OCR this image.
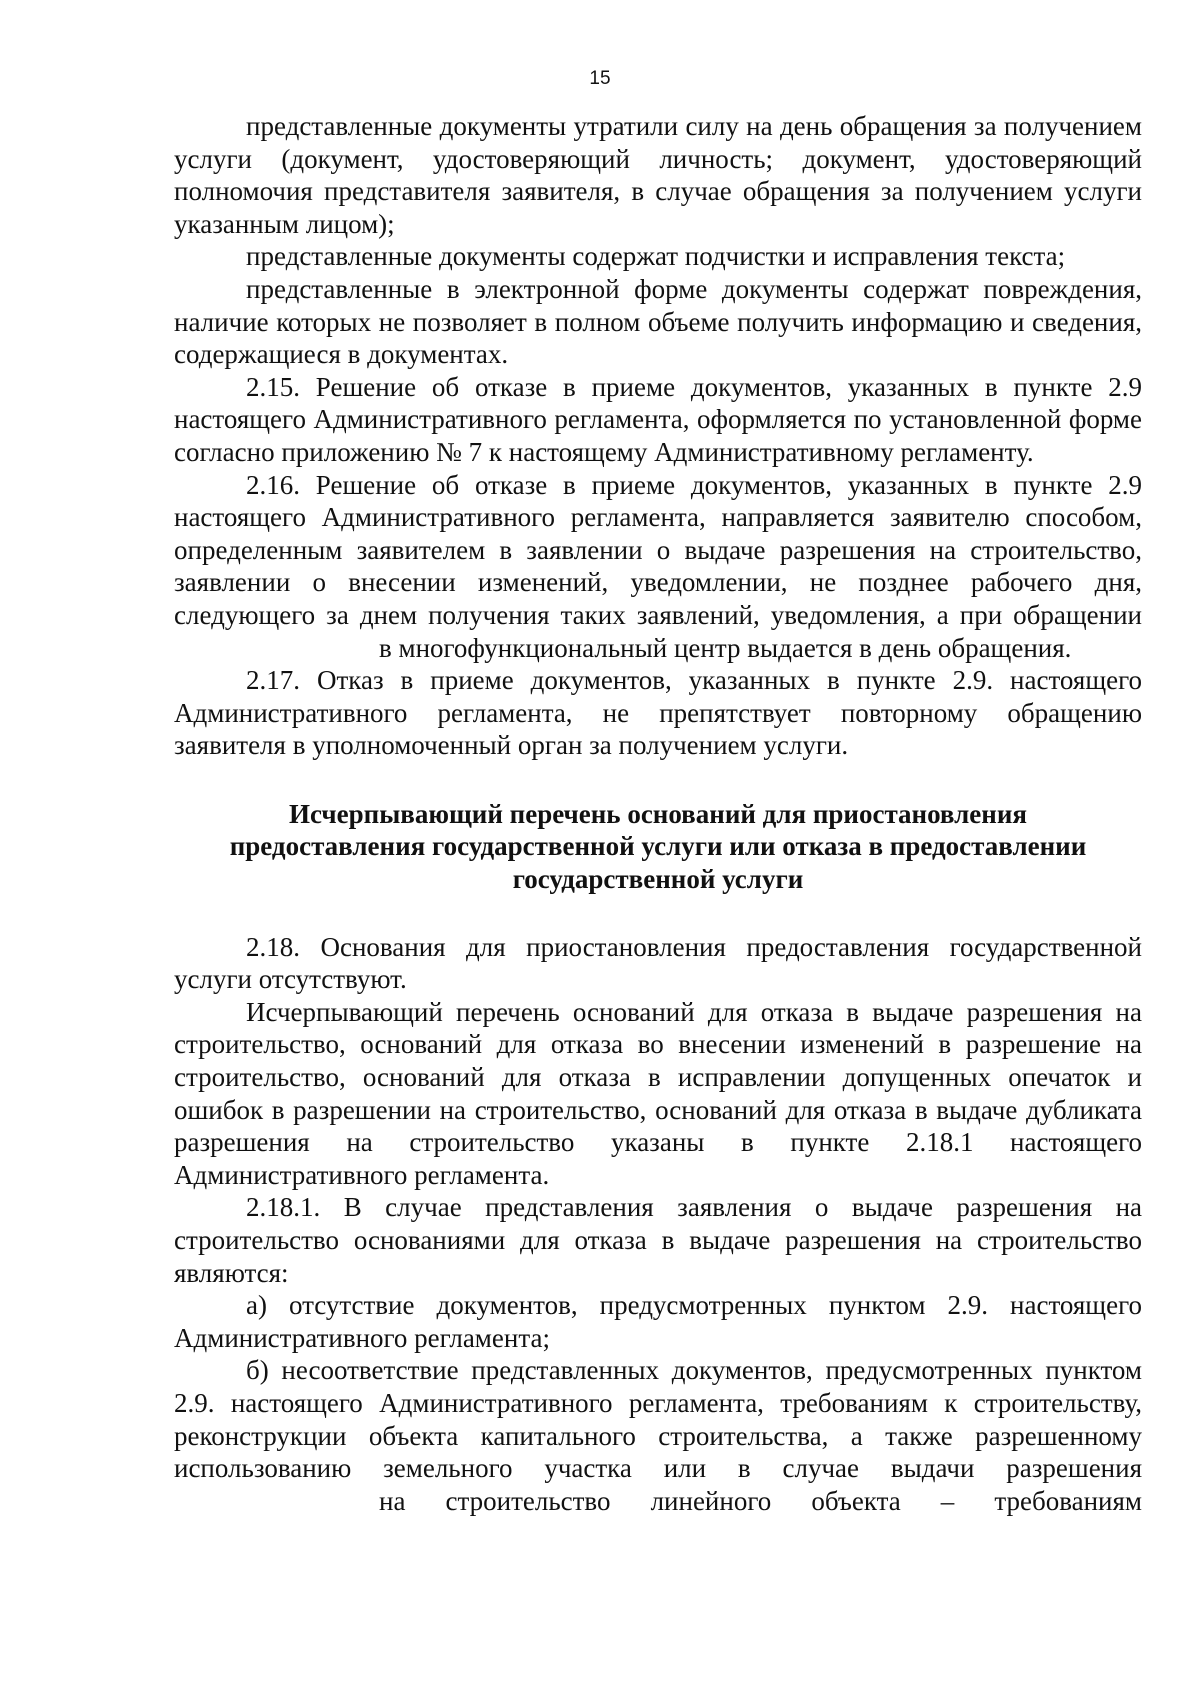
15

представленные документы утратили силу на день обращения за получением услуги (документ, удостоверяющий личность; документ, удостоверяющий полномочия представителя заявителя, в случае обращения за получением услуги указанным лицом);

представленные документы содержат подчистки и исправления текста;

представленные в электронной форме документы содержат повреждения, наличие которых не позволяет в полном объеме получить информацию и сведения, содержащиеся в документах.

2.15. Решение об отказе в приеме документов, указанных в пункте 2.9 настоящего Административного регламента, оформляется по установленной форме согласно приложению № 7 к настоящему Административному регламенту.

2.16. Решение об отказе в приеме документов, указанных в пункте 2.9 настоящего Административного регламента, направляется заявителю способом, определенным заявителем в заявлении о выдаче разрешения на строительство, заявлении о внесении изменений, уведомлении, не позднее рабочего дня, следующего за днем получения таких заявлений, уведомления, а при обращениив многофункциональный центр выдается в день обращения.

2.17. Отказ в приеме документов, указанных в пункте 2.9. настоящего Административного регламента, не препятствует повторному обращению заявителя в уполномоченный орган за получением услуги.

Исчерпывающий перечень оснований для приостановления
предоставления государственной услуги или отказа в предоставлении
государственной услуги

2.18. Основания для приостановления предоставления государственной услуги отсутствуют.

Исчерпывающий перечень оснований для отказа в выдаче разрешения на строительство, оснований для отказа во внесении изменений в разрешение на строительство, оснований для отказа в исправлении допущенных опечаток и ошибок в разрешении на строительство, оснований для отказа в выдаче дубликата разрешения на строительство указаны в пункте 2.18.1 настоящего Административного регламента.

2.18.1. В случае представления заявления о выдаче разрешения на строительство основаниями для отказа в выдаче разрешения на строительство являются:

а) отсутствие документов, предусмотренных пунктом 2.9. настоящего Административного регламента;

б) несоответствие представленных документов, предусмотренных пунктом 2.9. настоящего Административного регламента, требованиям к строительству, реконструкции объекта капитального строительства, а также разрешенному использованию земельного участка или в случае выдачи разрешенияна строительство линейного объекта – требованиям
